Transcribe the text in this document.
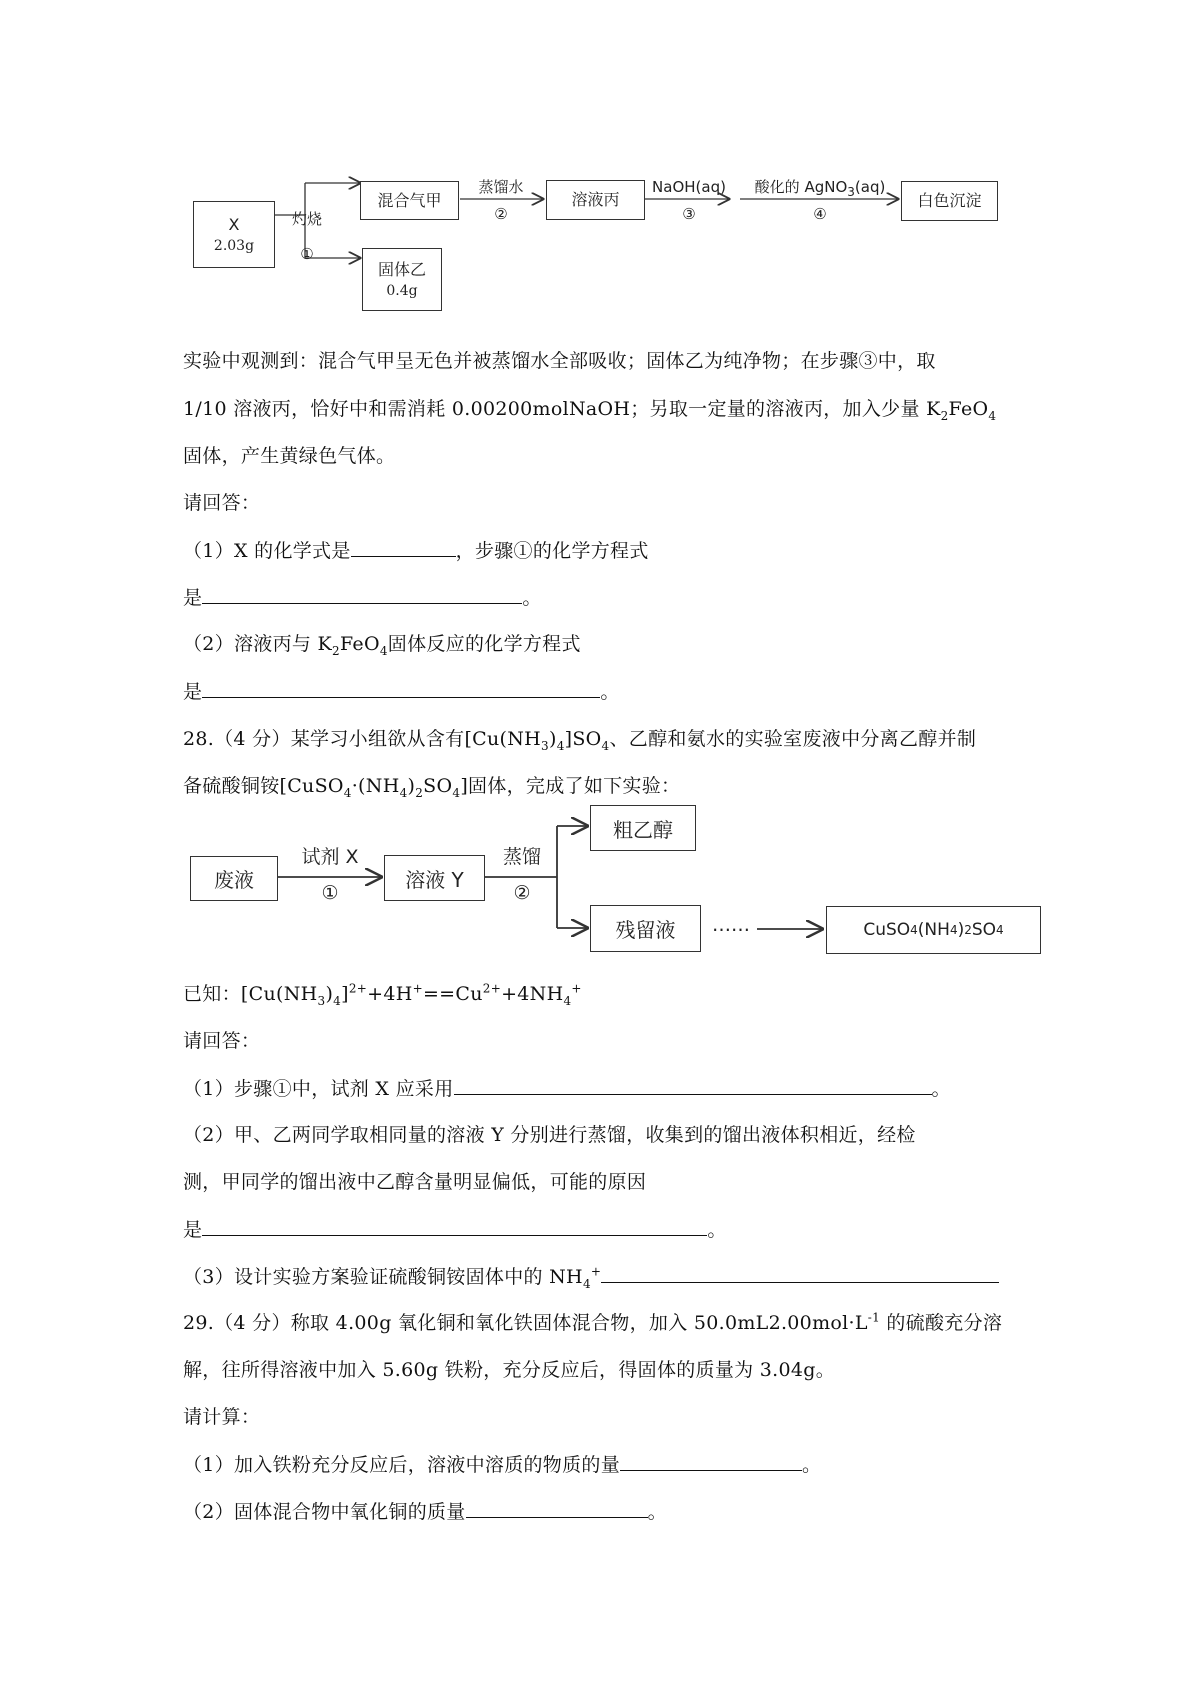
X
2.03g
灼烧
①
混合气甲
固体乙
0.4g
蒸馏水
②
溶液丙
NaOH(aq)
③
酸化的 AgNO$_3$(aq)
④
白色沉淀
实验中观测到：混合气甲呈无色并被蒸馏水全部吸收；固体乙为纯净物；在步骤③中，取
1/10 溶液丙，恰好中和需消耗 0.00200molNaOH；另取一定量的溶液丙，加入少量 $K_2FeO_4$
固体，产生黄绿色气体。
请回答：
（1）X 的化学式是	，步骤①的化学方程式
是	。
（2）溶液丙与 $K_2FeO_4$固体反应的化学方程式
是	。
28.（4 分）某学习小组欲从含有$[Cu(NH_3)_4]SO_4$、乙醇和氨水的实验室废液中分离乙醇并制
备硫酸铜铵$[CuSO_4\cdot(NH_4)_2SO_4]$固体，完成了如下实验：
废液
试剂 X
①
溶液 Y
蒸馏
②
粗乙醇
残留液	……	CuSO 4 (NH 4 ) 2 SO 4
已知：$[Cu(NH_3)_4]^{2+}+4H^+==Cu^{2+}+4NH_4^+$
请回答：
（1）步骤①中，试剂 X 应采用	。
（2）甲、乙两同学取相同量的溶液 Y 分别进行蒸馏，收集到的馏出液体积相近，经检
测，甲同学的馏出液中乙醇含量明显偏低，可能的原因
是	。
（3）设计实验方案验证硫酸铜铵固体中的 $NH_4^+$
29.（4 分）称取 4.00g 氧化铜和氧化铁固体混合物，加入 $50.0mL2.00mol\cdot L^{-1}$ 的硫酸充分溶
解，往所得溶液中加入 5.60g 铁粉，充分反应后，得固体的质量为 3.04g。
请计算：
（1）加入铁粉充分反应后，溶液中溶质的物质的量	。
（2）固体混合物中氧化铜的质量	。
